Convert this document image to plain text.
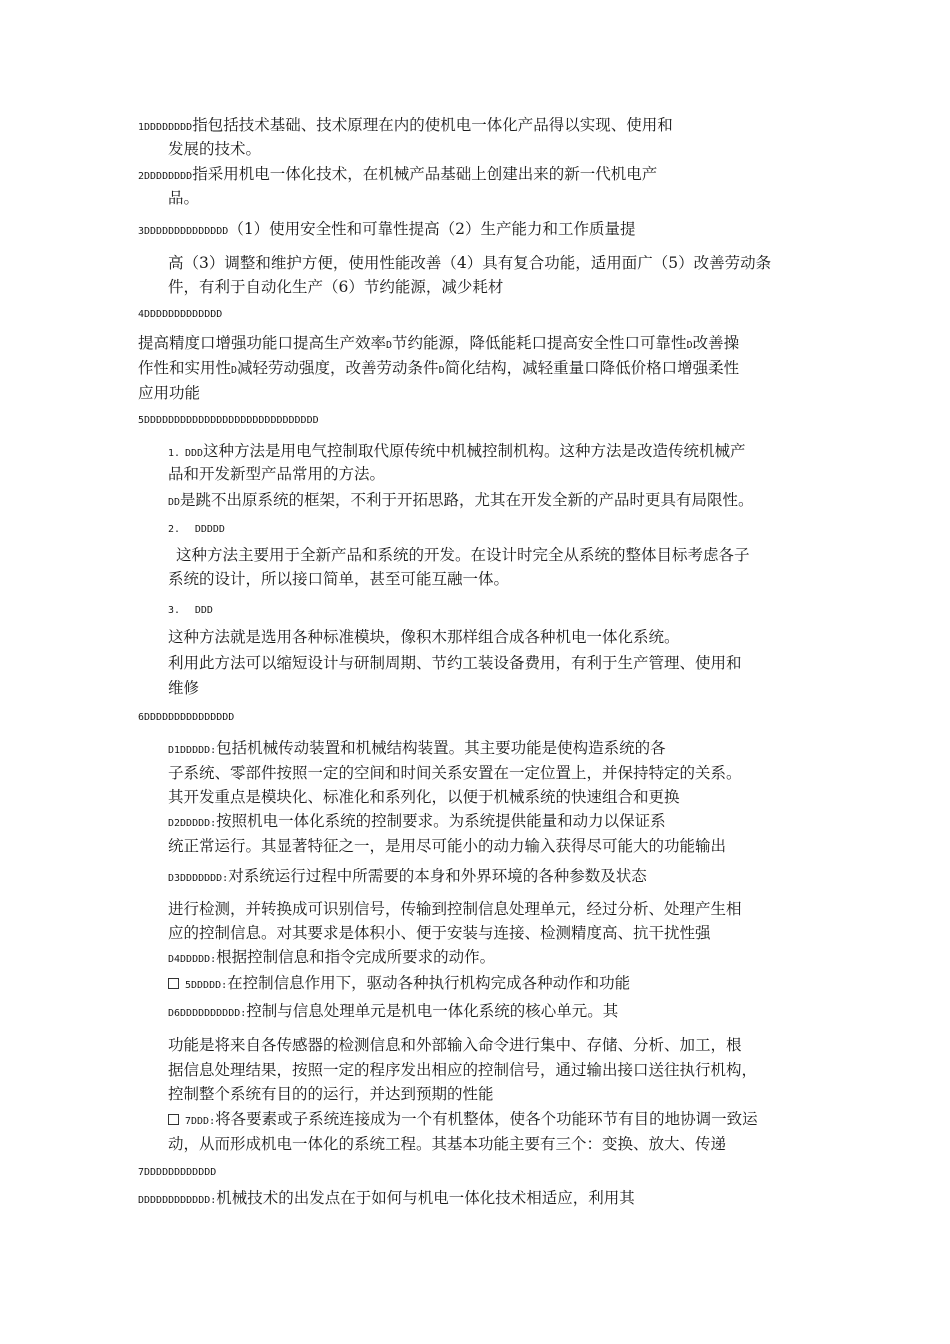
1DDDDDDDD指包括技术基础、技术原理在内的使机电一体化产品得以实现、使用和
发展的技术。
2DDDDDDDD指采用机电一体化技术，在机械产品基础上创建出来的新一代机电产
品。
3DDDDDDDDDDDDDD（1）使用安全性和可靠性提高（2）生产能力和工作质量提
高（3）调整和维护方便，使用性能改善（4）具有复合功能，适用面广（5）改善劳动条
件，有利于自动化生产（6）节约能源，减少耗材
4DDDDDDDDDDDDD
提高精度口增强功能口提高生产效率D节约能源，降低能耗口提高安全性口可靠性D改善操
作性和实用性D减轻劳动强度，改善劳动条件D简化结构，减轻重量口降低价格口增强柔性
应用功能
5DDDDDDDDDDDDDDDDDDDDDDDDDDDDD
1. DDD这种方法是用电气控制取代原传统中机械控制机构。这种方法是改造传统机械产
品和开发新型产品常用的方法。
DD是跳不出原系统的框架，不利于开拓思路，尤其在开发全新的产品时更具有局限性。
2. DDDDD
这种方法主要用于全新产品和系统的开发。在设计时完全从系统的整体目标考虑各子
系统的设计，所以接口简单，甚至可能互融一体。
3. DDD
这种方法就是选用各种标准模块，像积木那样组合成各种机电一体化系统。
利用此方法可以缩短设计与研制周期、节约工装设备费用，有利于生产管理、使用和
维修
6DDDDDDDDDDDDDDD
D1DDDDD:包括机械传动装置和机械结构装置。其主要功能是使构造系统的各
子系统、零部件按照一定的空间和时间关系安置在一定位置上，并保持特定的关系。
其开发重点是模块化、标准化和系列化，以便于机械系统的快速组合和更换
D2DDDDD:按照机电一体化系统的控制要求。为系统提供能量和动力以保证系
统正常运行。其显著特征之一，是用尽可能小的动力输入获得尽可能大的功能输出
D3DDDDDDD:对系统运行过程中所需要的本身和外界环境的各种参数及状态
进行检测，并转换成可识别信号，传输到控制信息处理单元，经过分析、处理产生相
应的控制信息。对其要求是体积小、便于安装与连接、检测精度高、抗干扰性强
D4DDDDD:根据控制信息和指令完成所要求的动作。
5DDDDD:在控制信息作用下，驱动各种执行机构完成各种动作和功能
D6DDDDDDDDDD:控制与信息处理单元是机电一体化系统的核心单元。其
功能是将来自各传感器的检测信息和外部输入命令进行集中、存储、分析、加工，根
据信息处理结果，按照一定的程序发出相应的控制信号，通过输出接口送往执行机构，
控制整个系统有目的的运行，并达到预期的性能
7DDD:将各要素或子系统连接成为一个有机整体，使各个功能环节有目的地协调一致运
动，从而形成机电一体化的系统工程。其基本功能主要有三个：变换、放大、传递
7DDDDDDDDDDDD
DDDDDDDDDDDD:机械技术的出发点在于如何与机电一体化技术相适应，利用其
